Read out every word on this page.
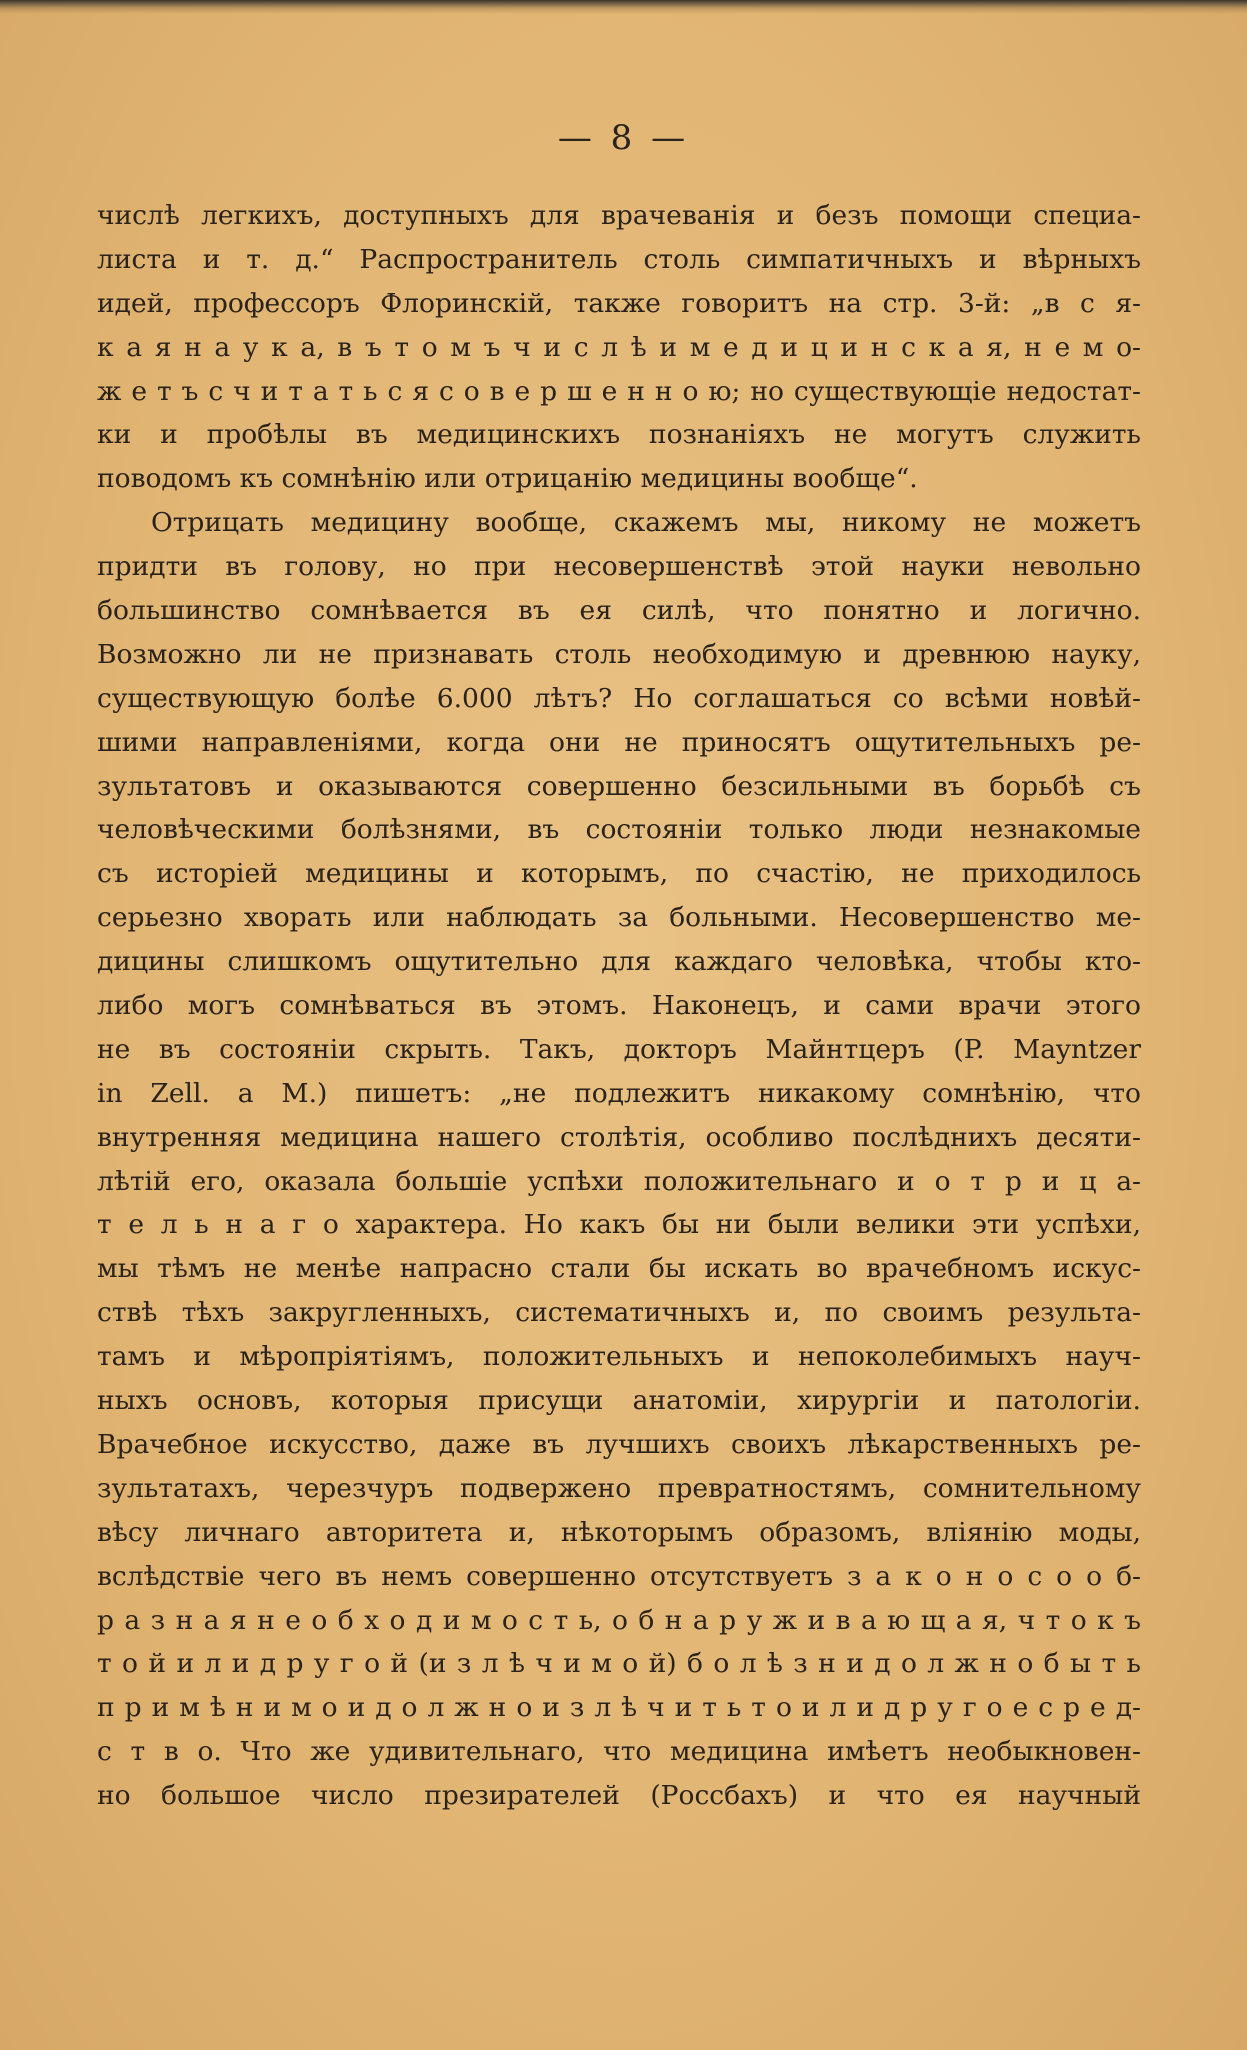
— 8 —
числѣ легкихъ, доступныхъ для врачеванія и безъ помощи специа-
листа и т. д.“ Распространитель столь симпатичныхъ и вѣрныхъ
идей, профессоръ Флоринскій, также говоритъ на стр. 3-й: „в с я-
к а я н а у к а, в ъ т о м ъ ч и с л ѣ и м е д и ц и н с к а я, н е м о-
ж е т ъ с ч и т а т ь с я с о в е р ш е н н о ю; но существующіе недостат-
ки и пробѣлы въ медицинскихъ познаніяхъ не могутъ служить
поводомъ къ сомнѣнію или отрицанію медицины вообще“.
Отрицать медицину вообще, скажемъ мы, никому не можетъ
придти въ голову, но при несовершенствѣ этой науки невольно
большинство сомнѣвается въ ея силѣ, что понятно и логично.
Возможно ли не признавать столь необходимую и древнюю науку,
существующую болѣе 6.000 лѣтъ? Но соглашаться со всѣми новѣй-
шими направленіями, когда они не приносятъ ощутительныхъ ре-
зультатовъ и оказываются совершенно безсильными въ борьбѣ съ
человѣческими болѣзнями, въ состояніи только люди незнакомые
съ исторіей медицины и которымъ, по счастію, не приходилось
серьезно хворать или наблюдать за больными. Несовершенство ме-
дицины слишкомъ ощутительно для каждаго человѣка, чтобы кто-
либо могъ сомнѣваться въ этомъ. Наконецъ, и сами врачи этого
не въ состояніи скрыть. Такъ, докторъ Майнтцеръ (P. Mayntzer
in Zell. a M.) пишетъ: „не подлежитъ никакому сомнѣнію, что
внутренняя медицина нашего столѣтія, особливо послѣднихъ десяти-
лѣтій его, оказала большіе успѣхи положительнаго и о т р и ц а-
т е л ь н а г о характера. Но какъ бы ни были велики эти успѣхи,
мы тѣмъ не менѣе напрасно стали бы искать во врачебномъ искус-
ствѣ тѣхъ закругленныхъ, систематичныхъ и, по своимъ результа-
тамъ и мѣропріятіямъ, положительныхъ и непоколебимыхъ науч-
ныхъ основъ, которыя присущи анатоміи, хирургіи и патологіи.
Врачебное искусство, даже въ лучшихъ своихъ лѣкарственныхъ ре-
зультатахъ, черезчуръ подвержено превратностямъ, сомнительному
вѣсу личнаго авторитета и, нѣкоторымъ образомъ, вліянію моды,
вслѣдствіе чего въ немъ совершенно отсутствуетъ з а к о н о с о о б-
р а з н а я н е о б х о д и м о с т ь, о б н а р у ж и в а ю щ а я, ч т о к ъ
т о й и л и д р у г о й (и з л ѣ ч и м о й) б о л ѣ з н и д о л ж н о б ы т ь
п р и м ѣ н и м о и д о л ж н о и з л ѣ ч и т ь т о и л и д р у г о е с р е д-
с т в о. Что же удивительнаго, что медицина имѣетъ необыкновен-
но большое число презирателей (Россбахъ) и что ея научный
